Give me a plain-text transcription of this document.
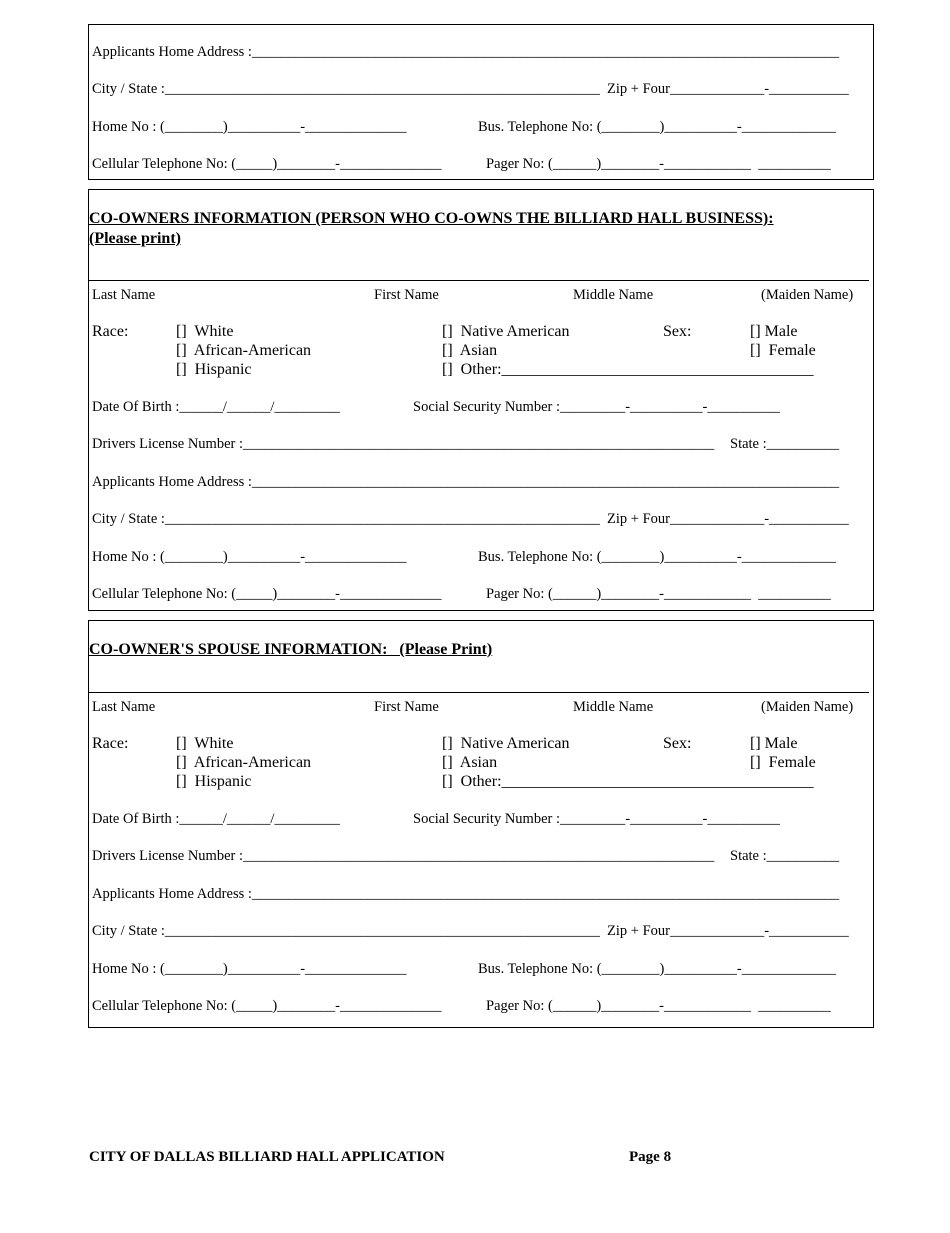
Applicants Home Address :_________________________________________________________________________________
City / State :____________________________________________________________ Zip + Four_____________-___________
Home No : (________)__________-______________	Bus. Telephone No: (________)__________-_____________
Cellular Telephone No: (_____)________-______________	Pager No: (______)________-____________  __________
CO-OWNERS INFORMATION (PERSON WHO CO-OWNS THE BILLIARD HALL BUSINESS):
(Please print)
Last Name	First Name	Middle Name	(Maiden Name)
Race:	[]  White
[]  African-American
[]  Hispanic
[]  Native American
[]  Asian
[]  Other:_______________________________________
Sex:	[] Male
[]  Female
Date Of Birth :______/______/_________	Social Security Number :_________-__________-__________
Drivers License Number :_________________________________________________________________	State :__________
Applicants Home Address :_________________________________________________________________________________
City / State :____________________________________________________________ Zip + Four_____________-___________
Home No : (________)__________-______________	Bus. Telephone No: (________)__________-_____________
Cellular Telephone No: (_____)________-______________	Pager No: (______)________-____________  __________
CO-OWNER'S SPOUSE INFORMATION:   (Please Print)
Last Name	First Name	Middle Name	(Maiden Name)
Race:	[]  White
[]  African-American
[]  Hispanic
[]  Native American
[]  Asian
[]  Other:_______________________________________
Sex:	[] Male
[]  Female
Date Of Birth :______/______/_________	Social Security Number :_________-__________-__________
Drivers License Number :_________________________________________________________________	State :__________
Applicants Home Address :_________________________________________________________________________________
City / State :____________________________________________________________ Zip + Four_____________-___________
Home No : (________)__________-______________	Bus. Telephone No: (________)__________-_____________
Cellular Telephone No: (_____)________-______________	Pager No: (______)________-____________  __________
CITY OF DALLAS BILLIARD HALL APPLICATION	Page 8
